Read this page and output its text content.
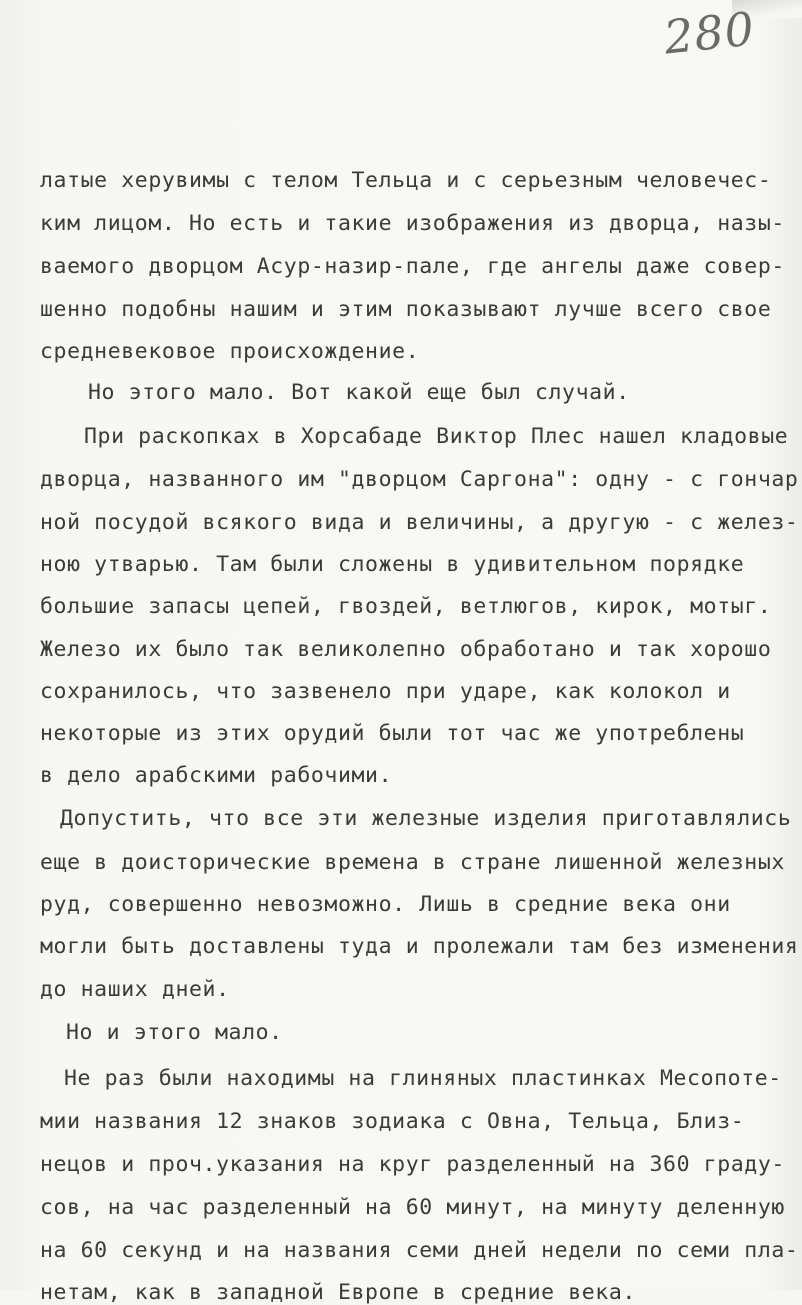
280
латые херувимы с телом Тельца и с серьезным человечес-
ким лицом. Но есть и такие изображения из дворца, назы-
ваемого дворцом Асур-назир-пале, где ангелы даже совер-
шенно подобны нашим и этим показывают лучше всего свое
средневековое происхождение.
Но этого мало. Вот какой еще был случай.
При раскопках в Хорсабаде Виктор Плес нашел кладовые
дворца, названного им "дворцом Саргона": одну - с гончар
ной посудой всякого вида и величины, а другую - с желез-
ною утварью. Там были сложены в удивительном порядке
большие запасы цепей, гвоздей, ветлюгов, кирок, мотыг.
Железо их было так великолепно обработано и так хорошо
сохранилось, что зазвенело при ударе, как колокол и
некоторые из этих орудий были тот час же употреблены
в дело арабскими рабочими.
Допустить, что все эти железные изделия приготавлялись
еще в доисторические времена в стране лишенной железных
руд, совершенно невозможно. Лишь в средние века они
могли быть доставлены туда и пролежали там без изменения
до наших дней.
Но и этого мало.
Не раз были находимы на глиняных пластинках Месопоте-
мии названия 12 знаков зодиака с Овна, Тельца, Близ-
нецов и проч.указания на круг разделенный на 360 граду-
сов, на час разделенный на 60 минут, на минуту деленную
на 60 секунд и на названия семи дней недели по семи пла-
нетам, как в западной Европе в средние века.
